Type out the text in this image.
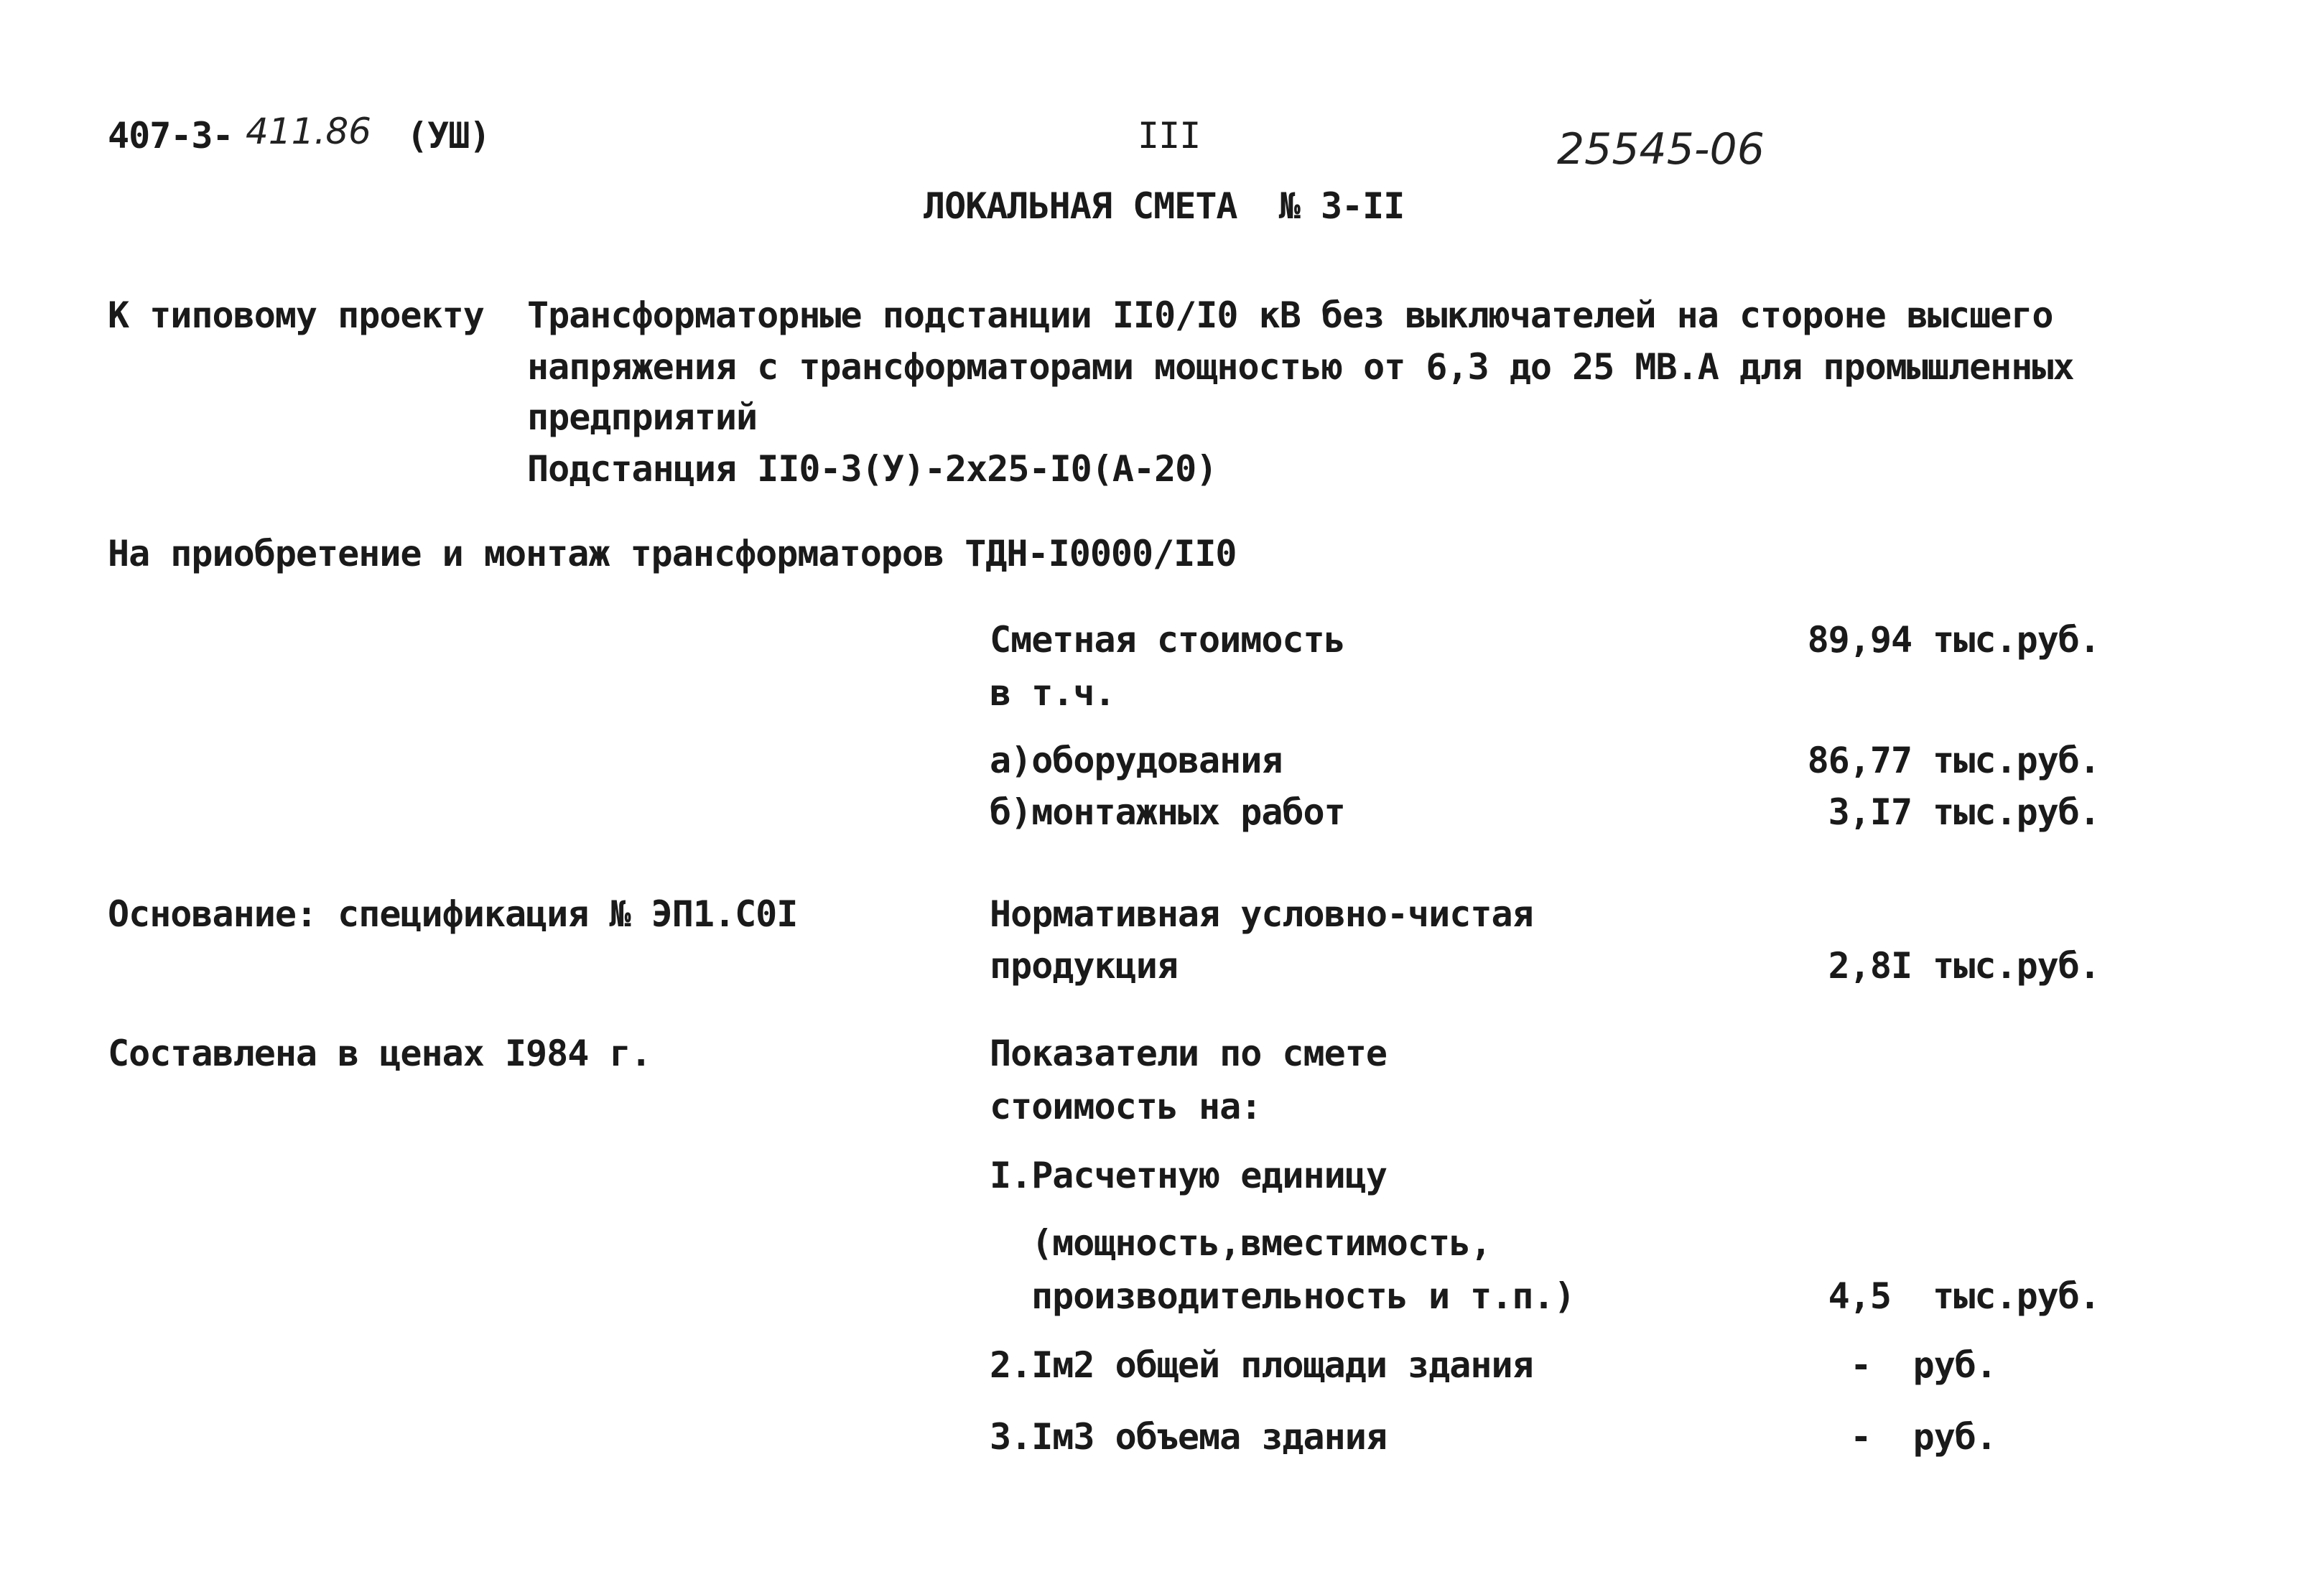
407-3- 411.86 (УШ)	III	25545-06
ЛОКАЛЬНАЯ СМЕТА  № 3-II
К типовому проекту Трансформаторные подстанции II0/I0 кВ без выключателей на стороне высшего
напряжения с трансформаторами мощностью от 6,3 до 25 МВ.А для промышленных
предприятий
Подстанция II0-3(У)-2х25-I0(А-20)
На приобретение и монтаж трансформаторов ТДН-I0000/II0
Сметная стоимость	89,94 тыс.руб.
в т.ч.
а)оборудования	86,77 тыс.руб.
б)монтажных работ	3,I7 тыс.руб.
Основание: спецификация № ЭП1.С0I	Нормативная условно-чистая
продукция	2,8I тыс.руб.
Составлена в ценах I984 г.	Показатели по смете
стоимость на:
I.Расчетную единицу
(мощность,вместимость,
производительность и т.п.)	4,5  тыс.руб.
2.Iм2 общей площади здания	-  руб.
3.Iм3 объема здания	-  руб.
